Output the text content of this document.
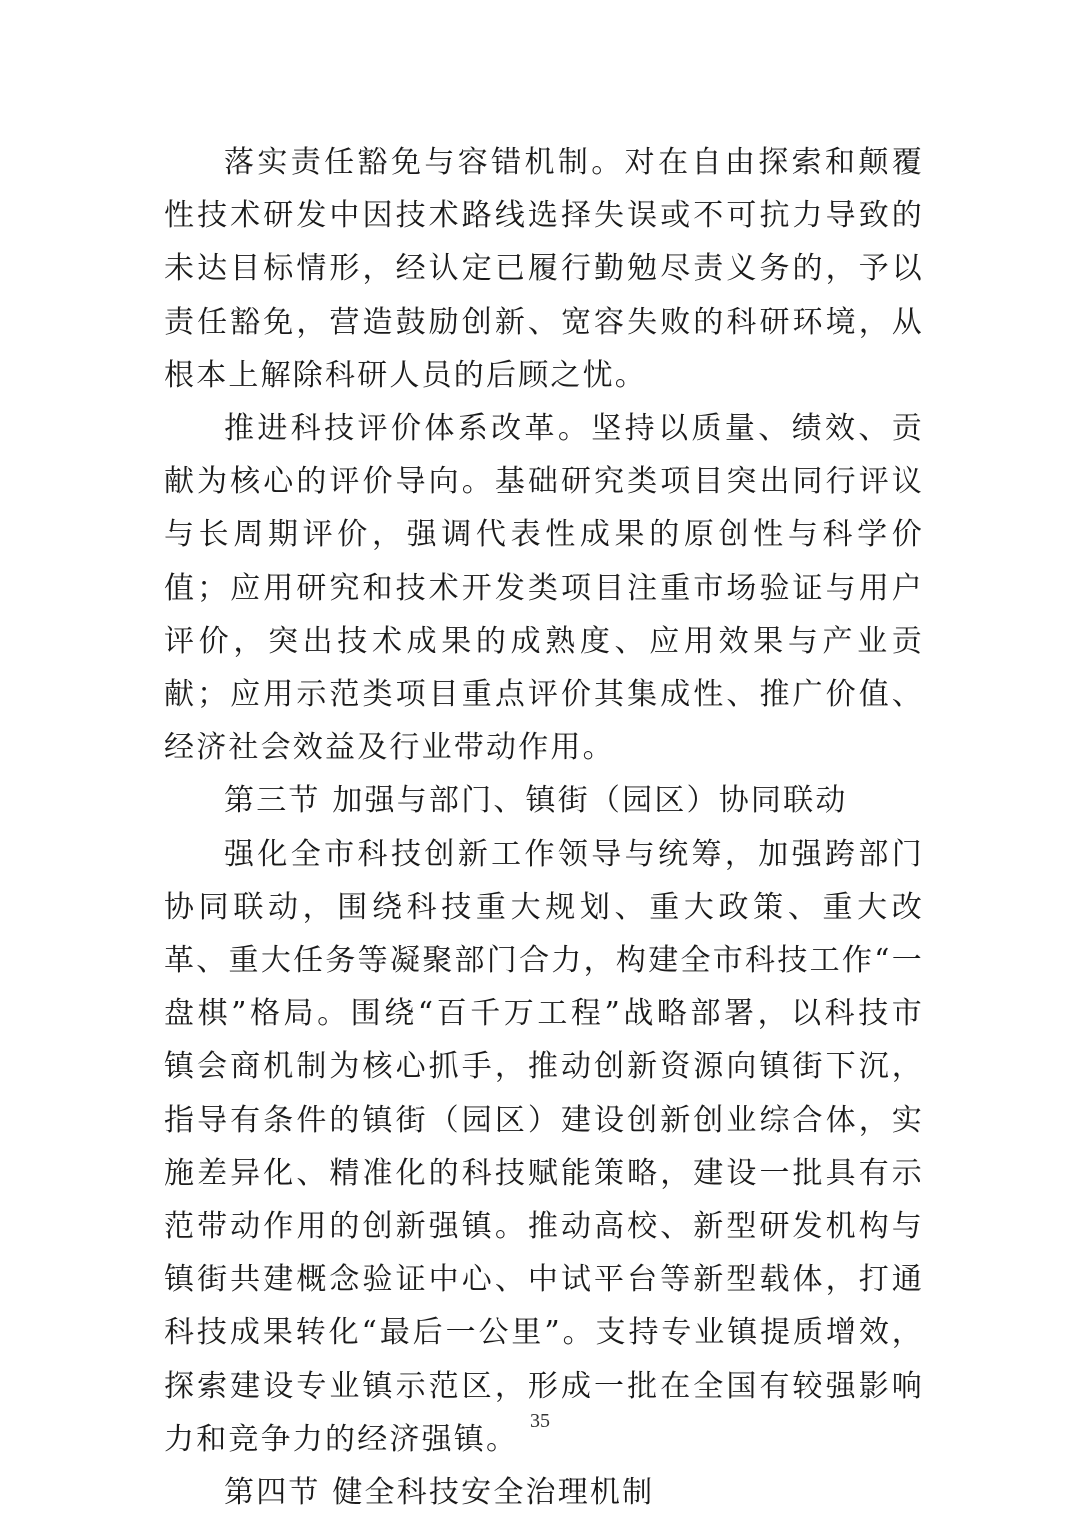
落实责任豁免与容错机制。对在自由探索和颠覆性技术研发中因技术路线选择失误或不可抗力导致的未达目标情形，经认定已履行勤勉尽责义务的，予以责任豁免，营造鼓励创新、宽容失败的科研环境，从根本上解除科研人员的后顾之忧。

推进科技评价体系改革。坚持以质量、绩效、贡献为核心的评价导向。基础研究类项目突出同行评议与长周期评价，强调代表性成果的原创性与科学价值；应用研究和技术开发类项目注重市场验证与用户评价，突出技术成果的成熟度、应用效果与产业贡献；应用示范类项目重点评价其集成性、推广价值、经济社会效益及行业带动作用。

第三节 加强与部门、镇街（园区）协同联动

强化全市科技创新工作领导与统筹，加强跨部门协同联动，围绕科技重大规划、重大政策、重大改革、重大任务等凝聚部门合力，构建全市科技工作“一盘棋”格局。围绕“百千万工程”战略部署，以科技市镇会商机制为核心抓手，推动创新资源向镇街下沉，指导有条件的镇街（园区）建设创新创业综合体，实施差异化、精准化的科技赋能策略，建设一批具有示范带动作用的创新强镇。推动高校、新型研发机构与镇街共建概念验证中心、中试平台等新型载体，打通科技成果转化“最后一公里”。支持专业镇提质增效，探索建设专业镇示范区，形成一批在全国有较强影响力和竞争力的经济强镇。

第四节 健全科技安全治理机制
35
